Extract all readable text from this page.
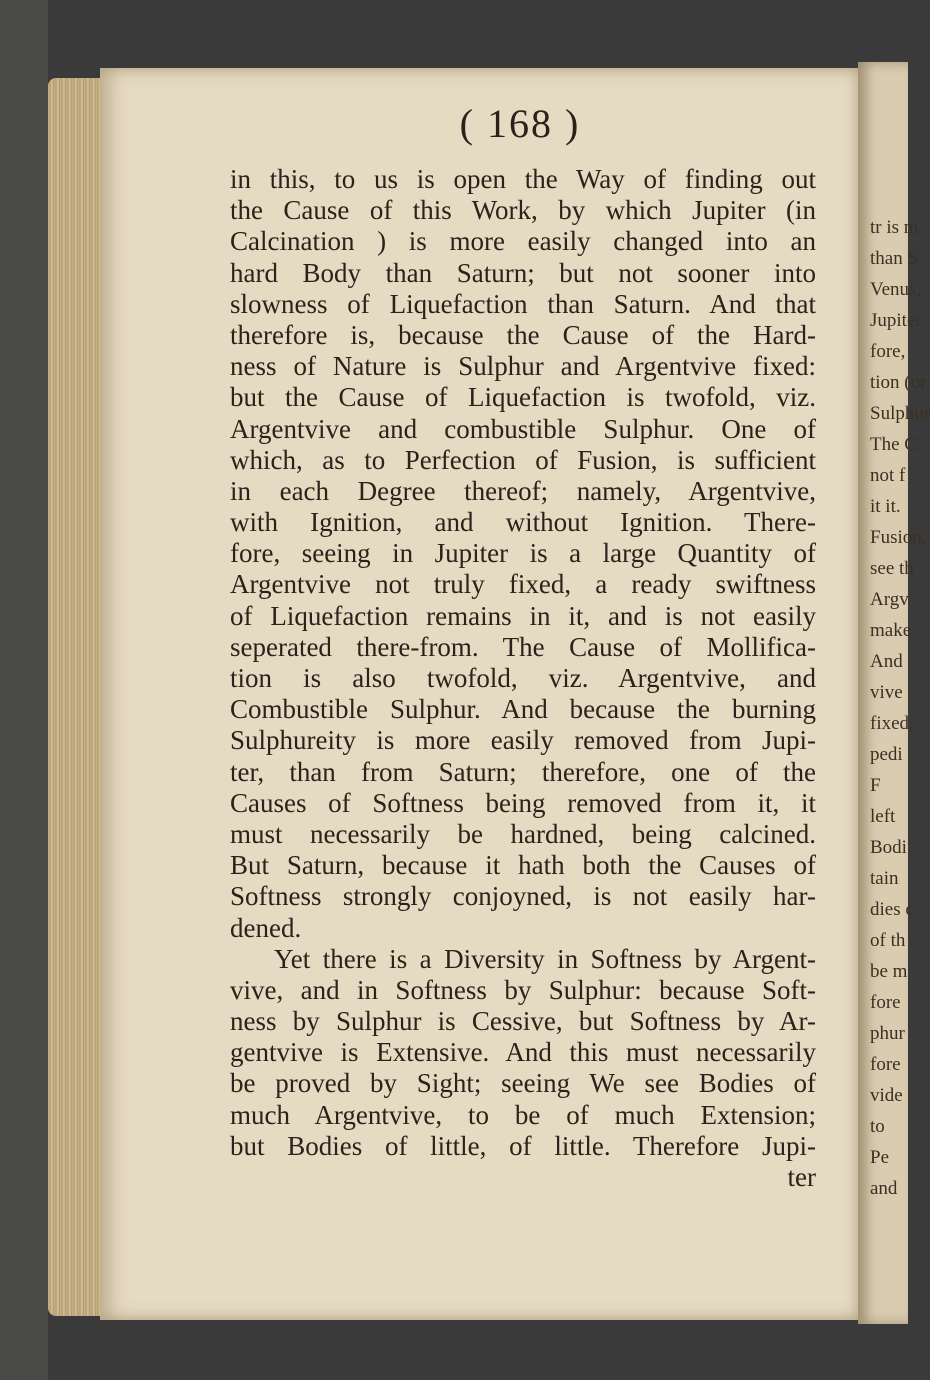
tr is m
than S
Venus,
Jupiter
fore,
tion (or
Sulphur
The C
not f
it it.
Fusion,
see th
Argv
make
And
vive
fixed,
pedi
F
left
Bodi
tain
dies c
of th
be m
fore
phur
fore
vide
to
Pe
and
( 168 )
in this, to us is open the Way of finding out
the Cause of this Work, by which Jupiter (in
Calcination ) is more easily changed into an
hard Body than Saturn; but not sooner into
slowness of Liquefaction than Saturn. And that
therefore is, because the Cause of the Hard-
ness of Nature is Sulphur and Argentvive fixed:
but the Cause of Liquefaction is twofold, viz.
Argentvive and combustible Sulphur. One of
which, as to Perfection of Fusion, is sufficient
in each Degree thereof; namely, Argentvive,
with Ignition, and without Ignition. There-
fore, seeing in Jupiter is a large Quantity of
Argentvive not truly fixed, a ready swiftness
of Liquefaction remains in it, and is not easily
seperated there-from. The Cause of Mollifica-
tion is also twofold, viz. Argentvive, and
Combustible Sulphur. And because the burning
Sulphureity is more easily removed from Jupi-
ter, than from Saturn; therefore, one of the
Causes of Softness being removed from it, it
must necessarily be hardned, being calcined.
But Saturn, because it hath both the Causes of
Softness strongly conjoyned, is not easily har-
dened.
Yet there is a Diversity in Softness by Argent-
vive, and in Softness by Sulphur: because Soft-
ness by Sulphur is Cessive, but Softness by Ar-
gentvive is Extensive. And this must necessarily
be proved by Sight; seeing We see Bodies of
much Argentvive, to be of much Extension;
but Bodies of little, of little. Therefore Jupi-
ter
